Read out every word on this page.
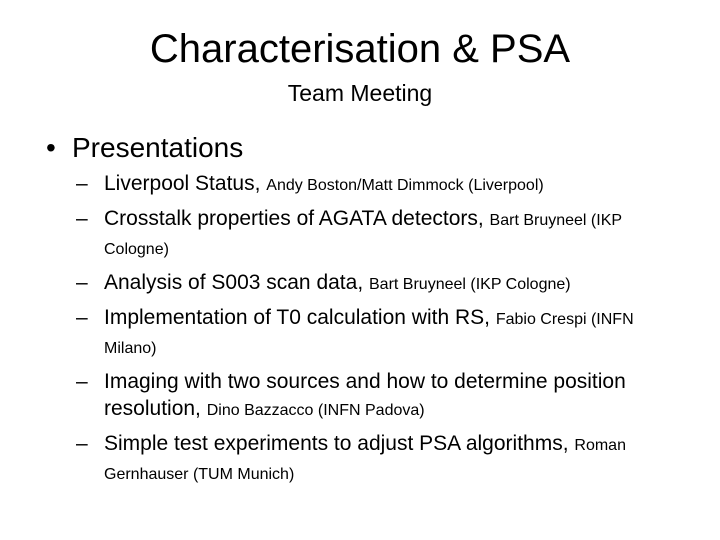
Characterisation & PSA
Team Meeting
• Presentations
– Liverpool Status, Andy Boston/Matt Dimmock (Liverpool)
– Crosstalk properties of AGATA detectors, Bart Bruyneel (IKP Cologne)
– Analysis of S003 scan data, Bart Bruyneel (IKP Cologne)
– Implementation of T0 calculation with RS, Fabio Crespi (INFN Milano)
– Imaging with two sources and how to determine position resolution, Dino Bazzacco (INFN Padova)
– Simple test experiments to adjust PSA algorithms, Roman Gernhauser (TUM Munich)
